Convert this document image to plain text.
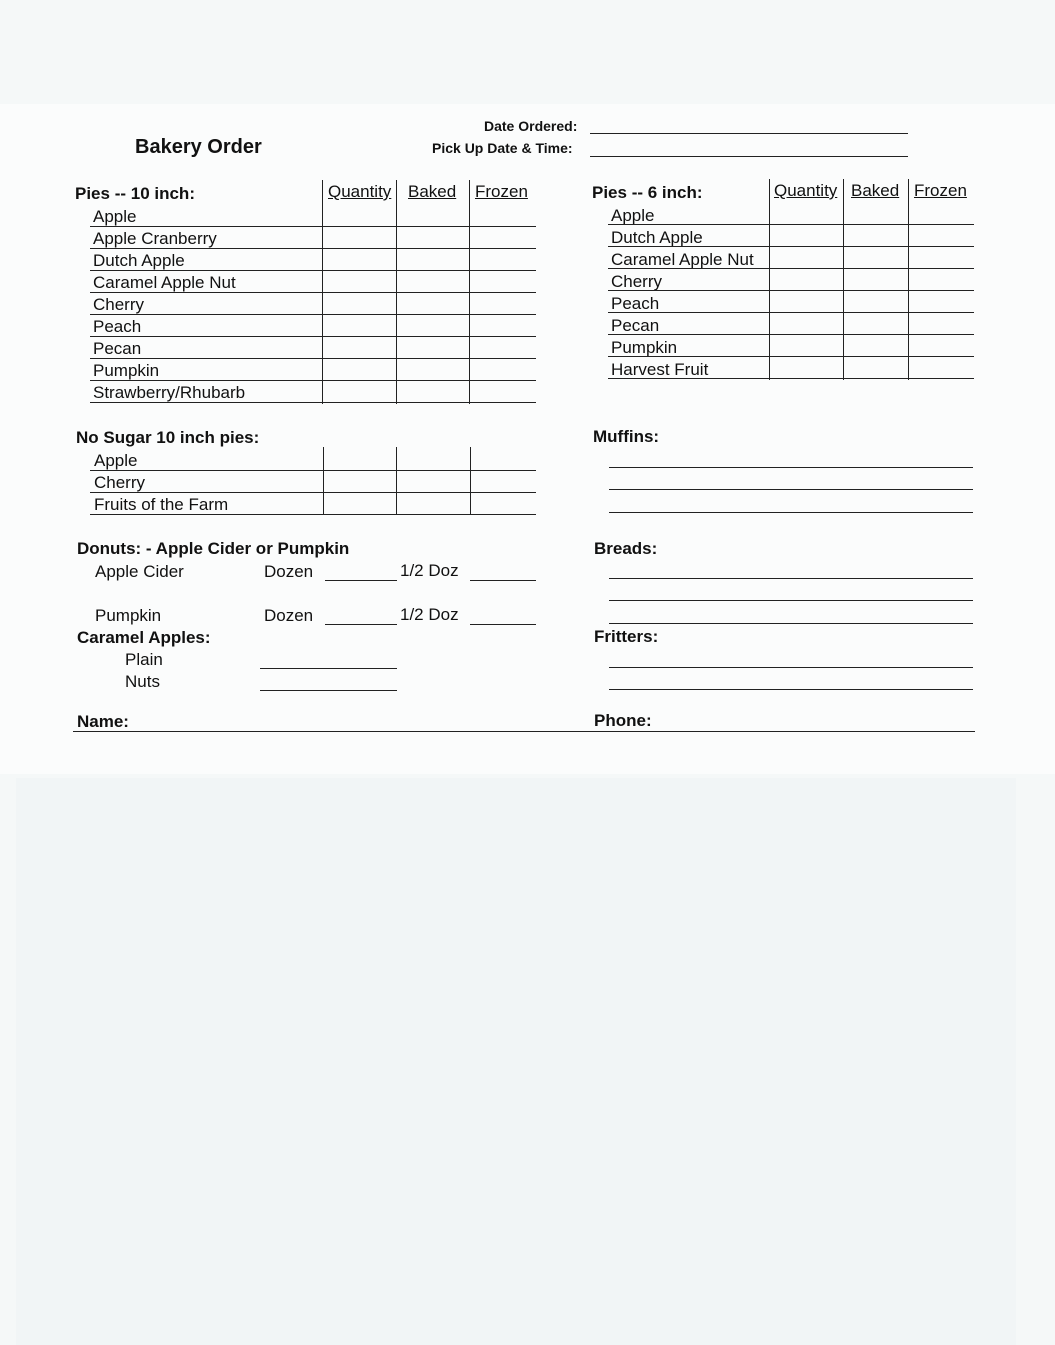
Bakery Order
Date Ordered:
Pick Up Date & Time:
Pies -- 10 inch:	Quantity Baked Frozen
Apple
Apple Cranberry
Dutch Apple
Caramel Apple Nut
Cherry
Peach
Pecan
Pumpkin
Strawberry/Rhubarb
Pies -- 6 inch:	Quantity Baked Frozen
Apple
Dutch Apple
Caramel Apple Nut
Cherry
Peach
Pecan
Pumpkin
Harvest Fruit
No Sugar 10 inch pies:
Apple
Cherry
Fruits of the Farm
Muffins:
Donuts: - Apple Cider or Pumpkin
Apple Cider	Dozen	1/2 Doz
Pumpkin	Dozen	1/2 Doz
Breads:
Caramel Apples:
Plain
Nuts
Fritters:
Name:	Phone:
